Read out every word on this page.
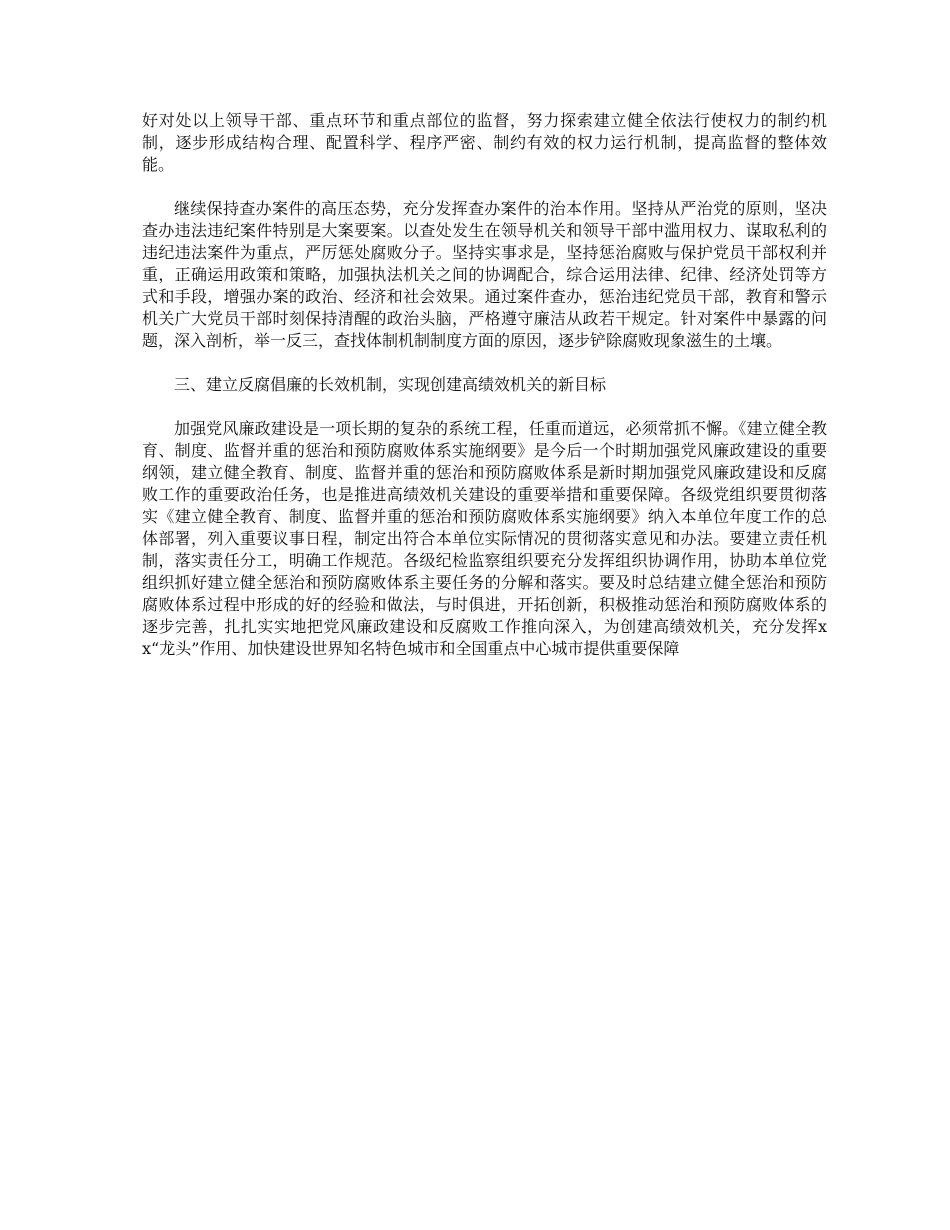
好对处以上领导干部、重点环节和重点部位的监督，努力探索建立健全依法行使权力的制约机制，逐步形成结构合理、配置科学、程序严密、制约有效的权力运行机制，提高监督的整体效能。

继续保持查办案件的高压态势，充分发挥查办案件的治本作用。坚持从严治党的原则，坚决查办违法违纪案件特别是大案要案。以查处发生在领导机关和领导干部中滥用权力、谋取私利的违纪违法案件为重点，严厉惩处腐败分子。坚持实事求是，坚持惩治腐败与保护党员干部权利并重，正确运用政策和策略，加强执法机关之间的协调配合，综合运用法律、纪律、经济处罚等方式和手段，增强办案的政治、经济和社会效果。通过案件查办，惩治违纪党员干部，教育和警示机关广大党员干部时刻保持清醒的政治头脑，严格遵守廉洁从政若干规定。针对案件中暴露的问题，深入剖析，举一反三，查找体制机制制度方面的原因，逐步铲除腐败现象滋生的土壤。

三、建立反腐倡廉的长效机制，实现创建高绩效机关的新目标

加强党风廉政建设是一项长期的复杂的系统工程，任重而道远，必须常抓不懈。《建立健全教育、制度、监督并重的惩治和预防腐败体系实施纲要》是今后一个时期加强党风廉政建设的重要纲领，建立健全教育、制度、监督并重的惩治和预防腐败体系是新时期加强党风廉政建设和反腐败工作的重要政治任务，也是推进高绩效机关建设的重要举措和重要保障。各级党组织要贯彻落实《建立健全教育、制度、监督并重的惩治和预防腐败体系实施纲要》纳入本单位年度工作的总体部署，列入重要议事日程，制定出符合本单位实际情况的贯彻落实意见和办法。要建立责任机制，落实责任分工，明确工作规范。各级纪检监察组织要充分发挥组织协调作用，协助本单位党组织抓好建立健全惩治和预防腐败体系主要任务的分解和落实。要及时总结建立健全惩治和预防腐败体系过程中形成的好的经验和做法，与时俱进，开拓创新，积极推动惩治和预防腐败体系的逐步完善，扎扎实实地把党风廉政建设和反腐败工作推向深入，为创建高绩效机关，充分发挥xx“龙头”作用、加快建设世界知名特色城市和全国重点中心城市提供重要保障
